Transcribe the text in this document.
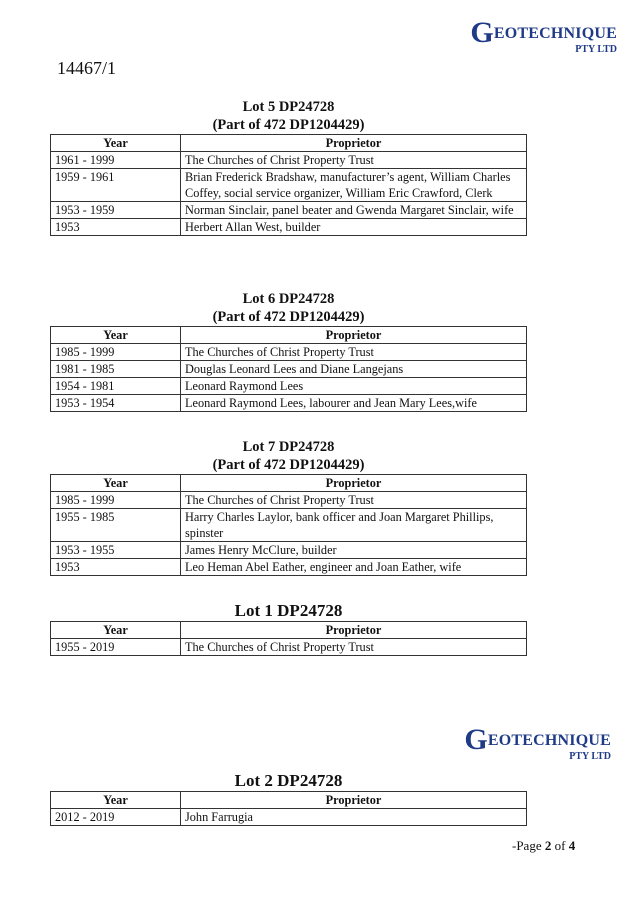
GEOTECHNIQUE
PTY LTD
14467/1
Lot 5 DP24728
(Part of 472 DP1204429)
Year	Proprietor
1961 - 1999	The Churches of Christ Property Trust
1959 - 1961	Brian Frederick Bradshaw, manufacturer’s agent, William Charles Coffey, social service organizer, William Eric Crawford, Clerk
1953 - 1959	Norman Sinclair, panel beater and Gwenda Margaret Sinclair, wife
1953	Herbert Allan West, builder
Lot 6 DP24728
(Part of 472 DP1204429)
Year	Proprietor
1985 - 1999	The Churches of Christ Property Trust
1981 - 1985	Douglas Leonard Lees and Diane Langejans
1954 - 1981	Leonard Raymond Lees
1953 - 1954	Leonard Raymond Lees, labourer and Jean Mary Lees,wife
Lot 7 DP24728
(Part of 472 DP1204429)
Year	Proprietor
1985 - 1999	The Churches of Christ Property Trust
1955 - 1985	Harry Charles Laylor, bank officer and Joan Margaret Phillips, spinster
1953 - 1955	James Henry McClure, builder
1953	Leo Heman Abel Eather, engineer and Joan Eather, wife
Lot 1 DP24728
Year	Proprietor
1955 - 2019	The Churches of Christ Property Trust
GEOTECHNIQUE
PTY LTD
Lot 2 DP24728
Year	Proprietor
2012 - 2019	John Farrugia
-Page 2 of 4
